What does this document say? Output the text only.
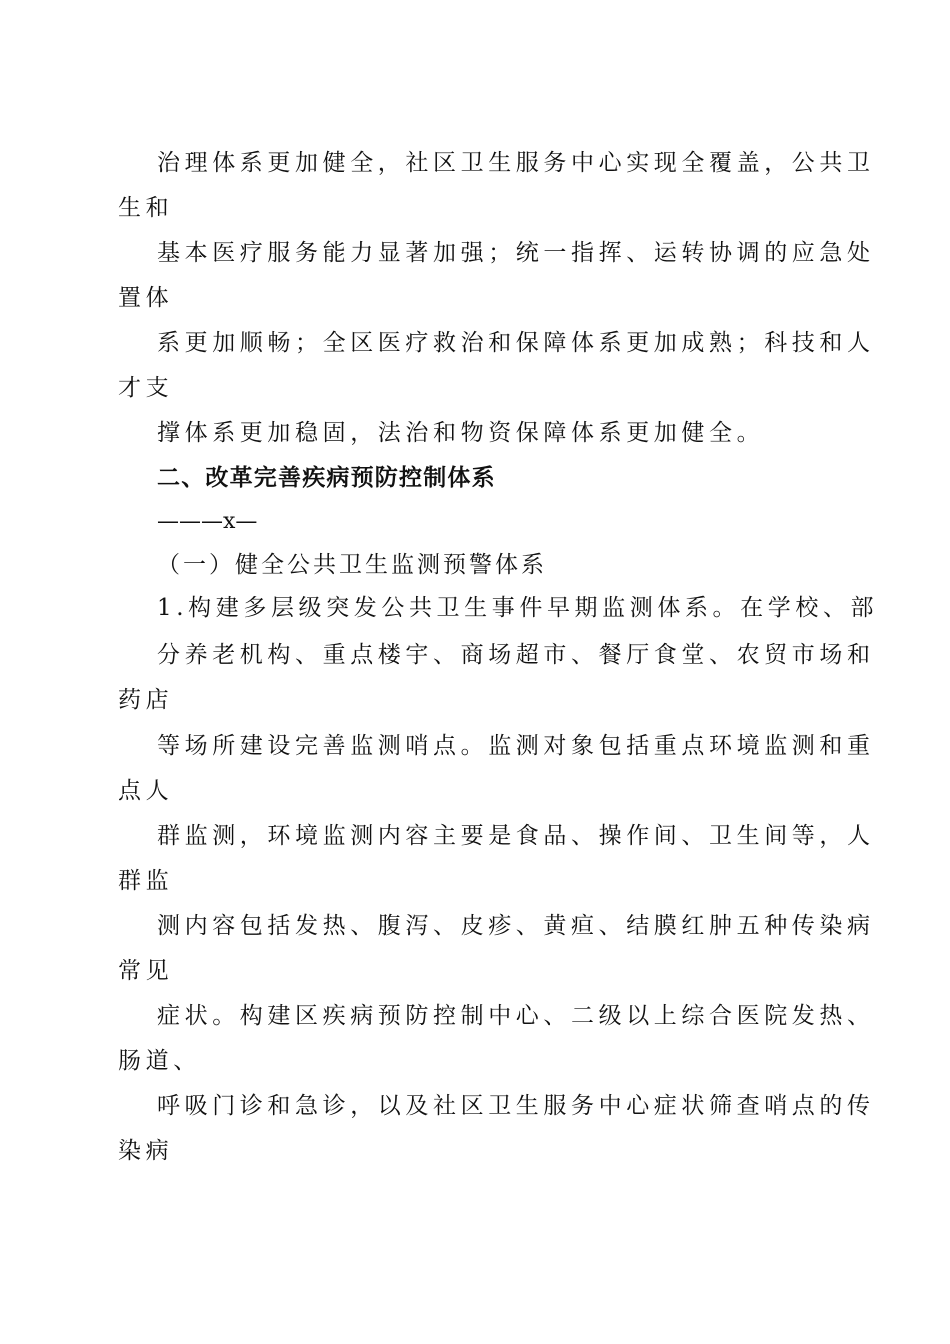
治理体系更加健全，社区卫生服务中心实现全覆盖，公共卫
生和
基本医疗服务能力显著加强；统一指挥、运转协调的应急处
置体
系更加顺畅；全区医疗救治和保障体系更加成熟；科技和人
才支
撑体系更加稳固，法治和物资保障体系更加健全。
二、改革完善疾病预防控制体系
———x—
（一）健全公共卫生监测预警体系
1.构建多层级突发公共卫生事件早期监测体系。在学校、部
分养老机构、重点楼宇、商场超市、餐厅食堂、农贸市场和
药店
等场所建设完善监测哨点。监测对象包括重点环境监测和重
点人
群监测，环境监测内容主要是食品、操作间、卫生间等，人
群监
测内容包括发热、腹泻、皮疹、黄疸、结膜红肿五种传染病
常见
症状。构建区疾病预防控制中心、二级以上综合医院发热、
肠道、
呼吸门诊和急诊，以及社区卫生服务中心症状筛查哨点的传
染病
